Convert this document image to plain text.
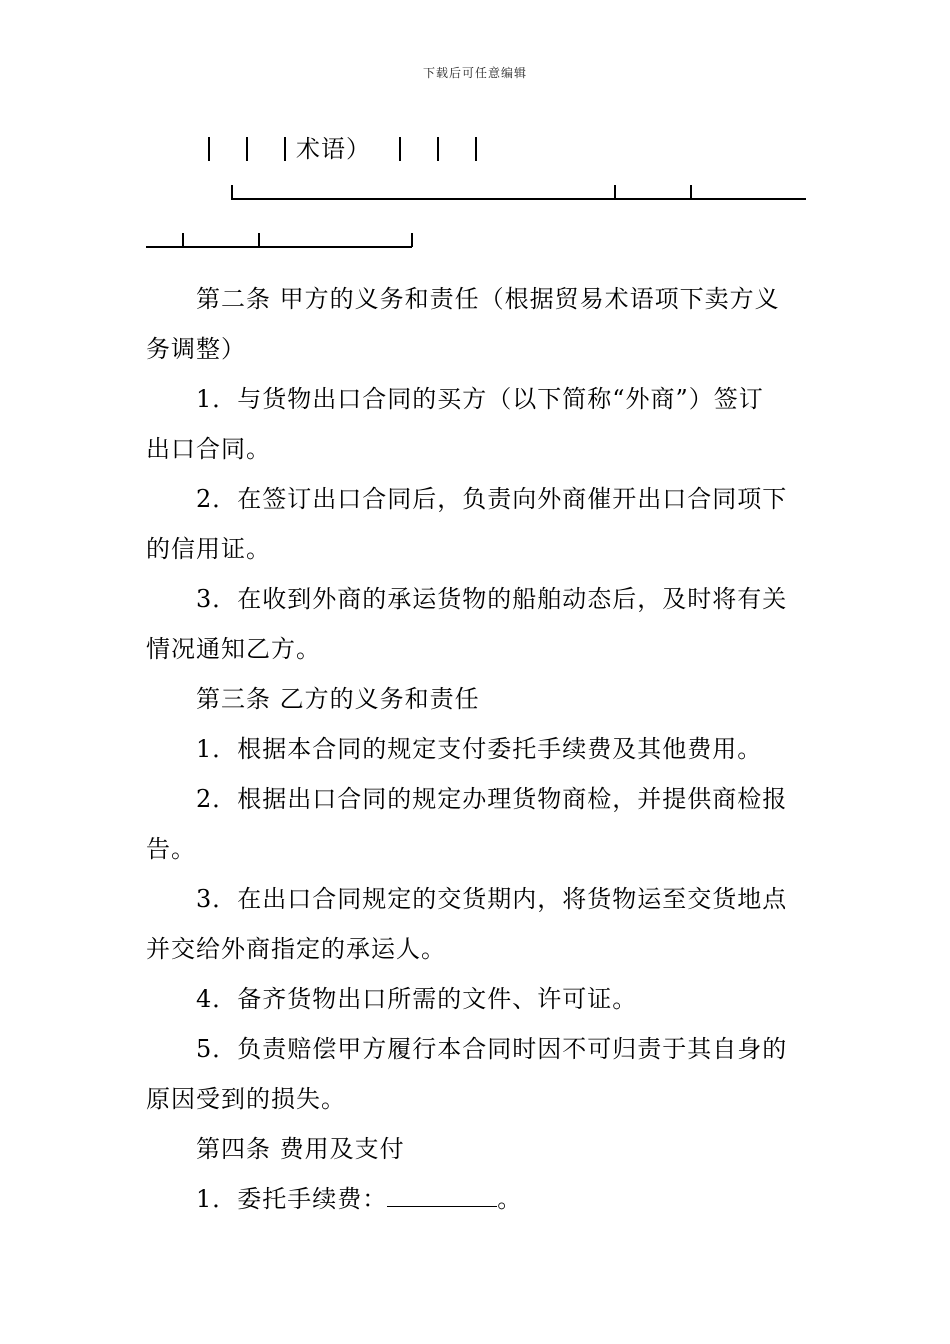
下载后可任意编辑
术语）
第二条 甲方的义务和责任（根据贸易术语项下卖方义
务调整）
1．与货物出口合同的买方（以下简称“外商”）签订
出口合同。
2．在签订出口合同后，负责向外商催开出口合同项下
的信用证。
3．在收到外商的承运货物的船舶动态后，及时将有关
情况通知乙方。
第三条 乙方的义务和责任
1．根据本合同的规定支付委托手续费及其他费用。
2．根据出口合同的规定办理货物商检，并提供商检报
告。
3．在出口合同规定的交货期内，将货物运至交货地点
并交给外商指定的承运人。
4．备齐货物出口所需的文件、许可证。
5．负责赔偿甲方履行本合同时因不可归责于其自身的
原因受到的损失。
第四条 费用及支付
1．委托手续费：	。
